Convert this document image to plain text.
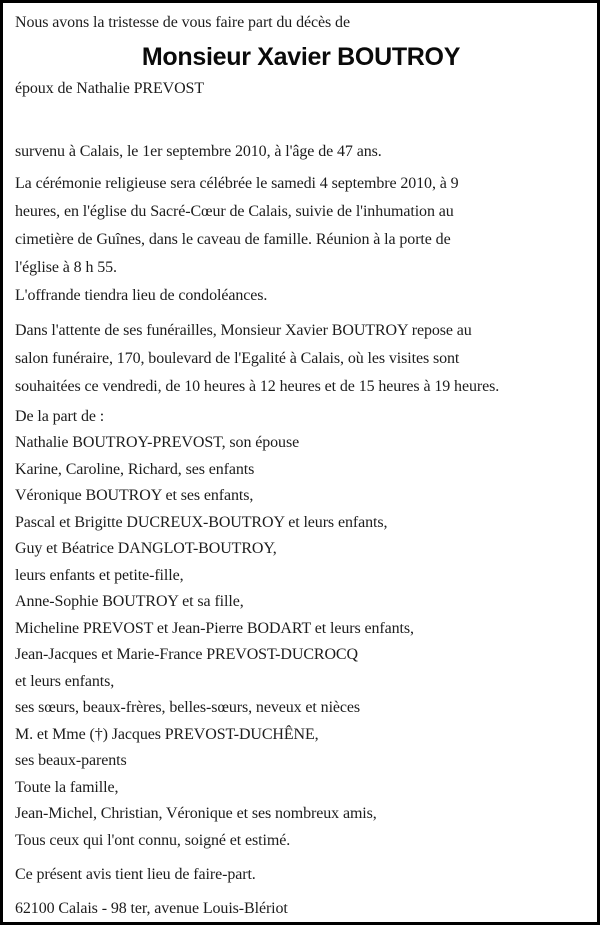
Nous avons la tristesse de vous faire part du décès de

Monsieur Xavier BOUTROY

époux de Nathalie PREVOST

survenu à Calais, le 1er septembre 2010, à l'âge de 47 ans.

La cérémonie religieuse sera célébrée le samedi 4 septembre 2010, à 9
heures, en l'église du Sacré-Cœur de Calais, suivie de l'inhumation au
cimetière de Guînes, dans le caveau de famille. Réunion à la porte de
l'église à 8 h 55.
L'offrande tiendra lieu de condoléances.
Dans l'attente de ses funérailles, Monsieur Xavier BOUTROY repose au
salon funéraire, 170, boulevard de l'Egalité à Calais, où les visites sont
souhaitées ce vendredi, de 10 heures à 12 heures et de 15 heures à 19 heures.

De la part de :

Nathalie BOUTROY-PREVOST, son épouse
Karine, Caroline, Richard, ses enfants
Véronique BOUTROY et ses enfants,
Pascal et Brigitte DUCREUX-BOUTROY et leurs enfants,
Guy et Béatrice DANGLOT-BOUTROY,
leurs enfants et petite-fille,
Anne-Sophie BOUTROY et sa fille,
Micheline PREVOST et Jean-Pierre BODART et leurs enfants,
Jean-Jacques et Marie-France PREVOST-DUCROCQ
et leurs enfants,
ses sœurs, beaux-frères, belles-sœurs, neveux et nièces
M. et Mme (†) Jacques PREVOST-DUCHÊNE,
ses beaux-parents
Toute la famille,
Jean-Michel, Christian, Véronique et ses nombreux amis,
Tous ceux qui l'ont connu, soigné et estimé.

Ce présent avis tient lieu de faire-part.

62100 Calais - 98 ter, avenue Louis-Blériot
